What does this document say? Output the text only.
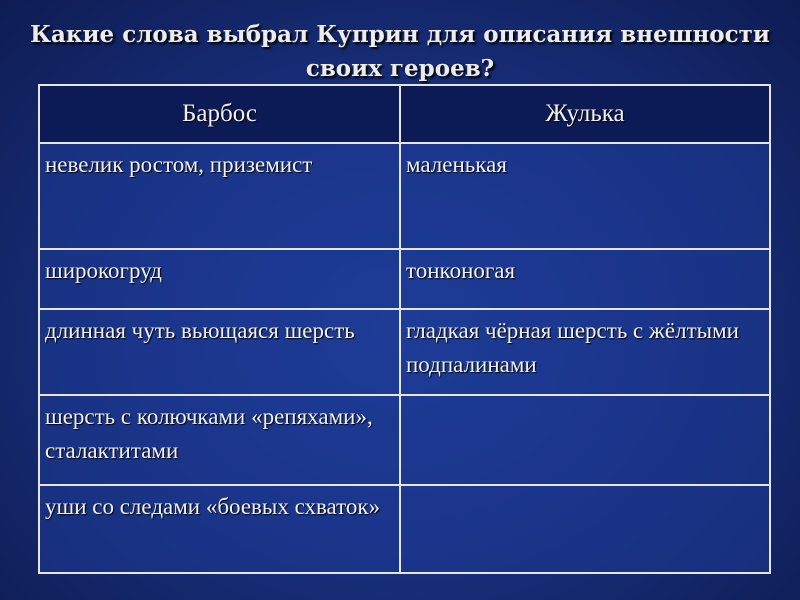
Какие слова выбрал Куприн для описания внешности
своих героев?
Барбос	Жулька
невелик ростом, приземист	маленькая
широкогруд	тонконогая
длинная чуть вьющаяся шерсть	гладкая чёрная шерсть с жёлтыми подпалинами
шерсть с колючками «репяхами», сталактитами	
уши со следами «боевых схваток»	
